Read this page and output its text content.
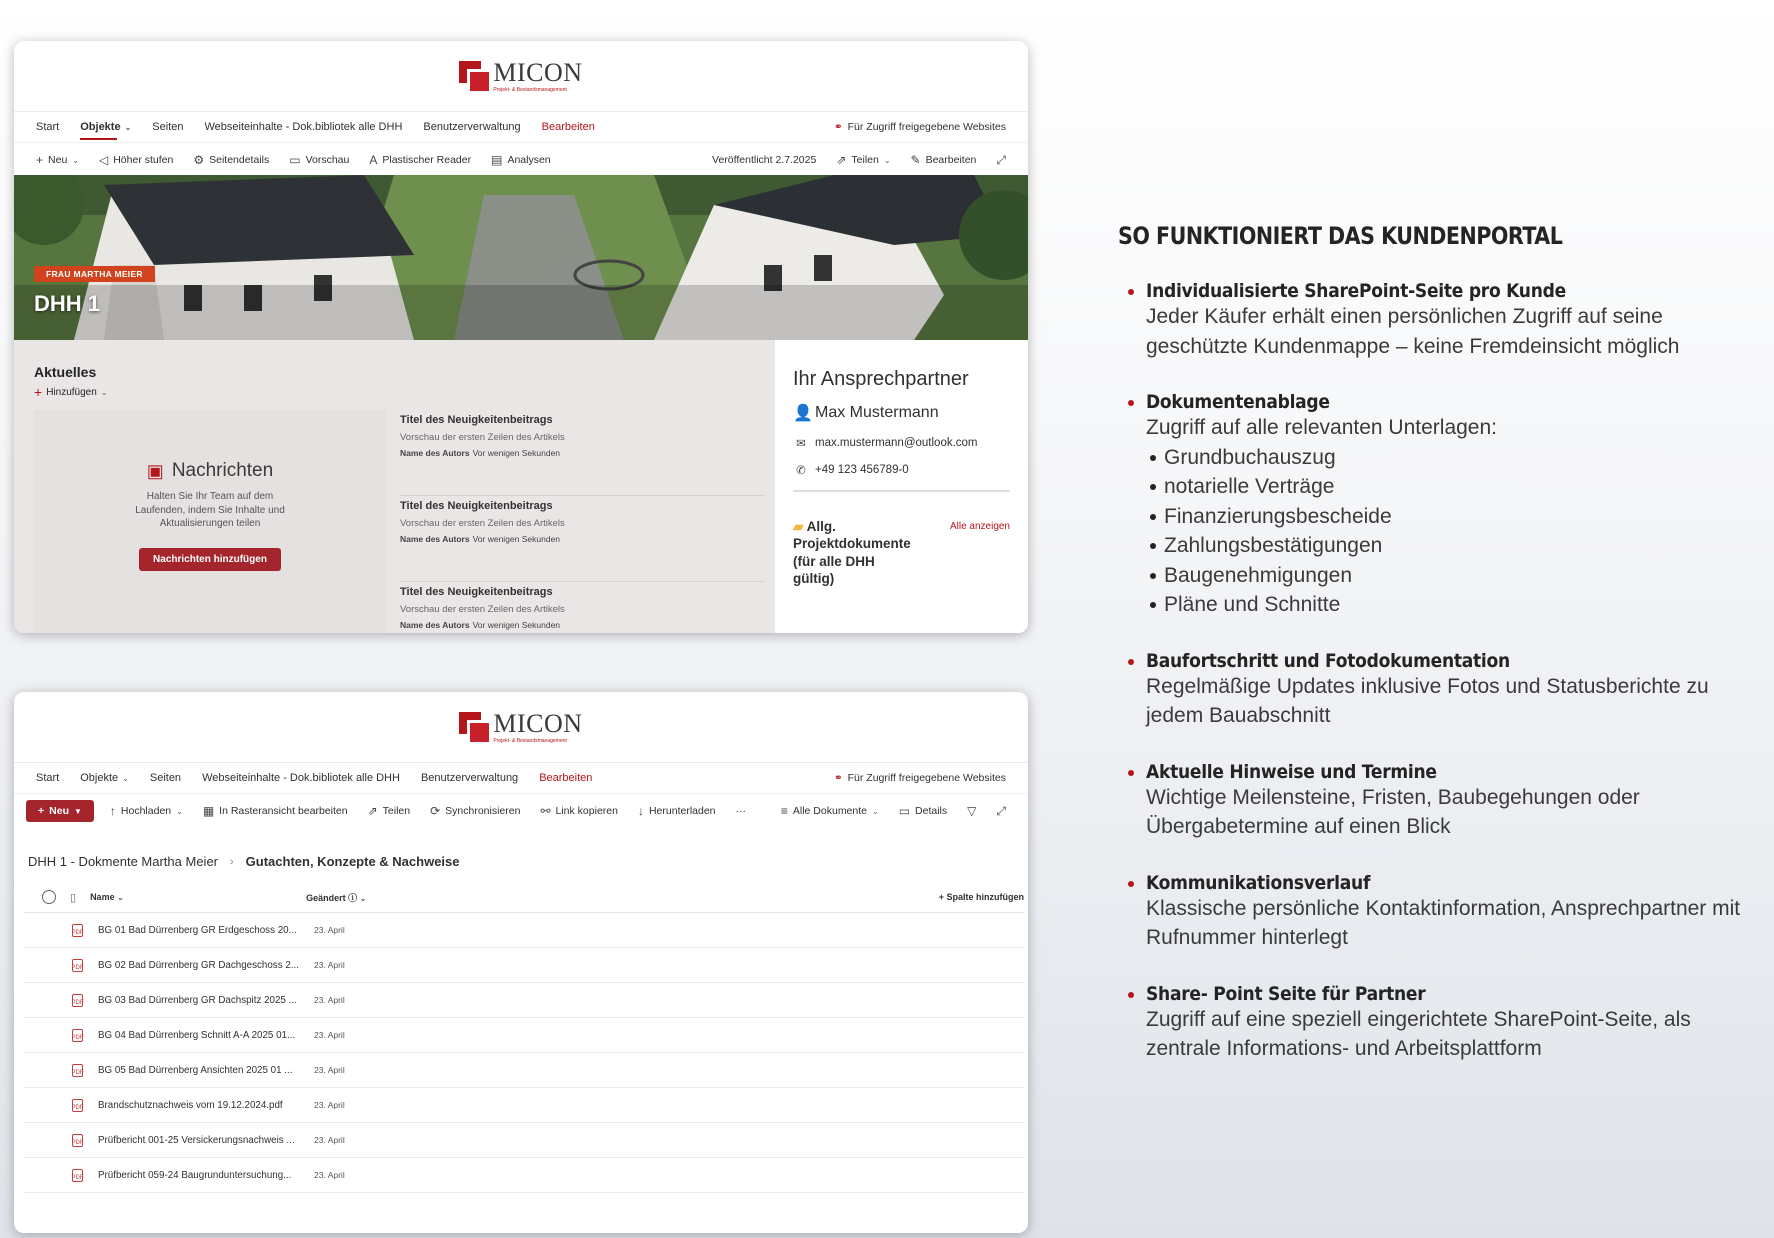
MICON
Projekt- & Bestandsmanagement
Start Objekte ⌄ Seiten Webseiteinhalte - Dok.bibliotek alle DHH Benutzerverwaltung Bearbeiten	⚭ Für Zugriff freigegebene Websites
+ Neu ⌄ ◁ Höher stufen ⚙ Seitendetails ▭ Vorschau A Plastischer Reader ▤ Analysen	Veröffentlicht 2.7.2025 ⇗ Teilen ⌄ ✎ Bearbeiten ⤢
FRAU MARTHA MEIER
DHH 1
Aktuelles
+ Hinzufügen ⌄
▣ Nachrichten
Halten Sie Ihr Team auf dem Laufenden, indem Sie Inhalte und Aktualisierungen teilen
Nachrichten hinzufügen
Titel des Neuigkeitenbeitrags
Vorschau der ersten Zeilen des Artikels
Name des Autors Vor wenigen Sekunden
Titel des Neuigkeitenbeitrags
Vorschau der ersten Zeilen des Artikels
Name des Autors Vor wenigen Sekunden
Titel des Neuigkeitenbeitrags
Vorschau der ersten Zeilen des Artikels
Name des Autors Vor wenigen Sekunden
Ihr Ansprechpartner
👤 Max Mustermann
✉ max.mustermann@outlook.com
✆ +49 123 456789-0
▰ Allg. Projektdokumente (für alle DHH gültig)
Alle anzeigen
MICON
Projekt- & Bestandsmanagement
Start Objekte ⌄ Seiten Webseiteinhalte - Dok.bibliotek alle DHH Benutzerverwaltung Bearbeiten	⚭ Für Zugriff freigegebene Websites
+ Neu ▼ ↑ Hochladen ⌄ ▦ In Rasteransicht bearbeiten ⇗ Teilen ⟳ Synchronisieren ⚯ Link kopieren ↓ Herunterladen ···	≡ Alle Dokumente ⌄ ▭ Details ▽ ⤢
DHH 1 - Dokmente Martha Meier › Gutachten, Konzepte & Nachweise
▯ Name ⌄	Geändert ⓘ ⌄	+ Spalte hinzufügen
PDF BG 01 Bad Dürrenberg GR Erdgeschoss 20...	23. April
PDF BG 02 Bad Dürrenberg GR Dachgeschoss 2...	23. April
PDF BG 03 Bad Dürrenberg GR Dachspitz 2025 ...	23. April
PDF BG 04 Bad Dürrenberg Schnitt A-A 2025 01...	23. April
PDF BG 05 Bad Dürrenberg Ansichten 2025 01 ...	23. April
PDF Brandschutznachweis vom 19.12.2024.pdf	23. April
PDF Prüfbericht 001-25 Versickerungsnachweis ...	23. April
PDF Prüfbericht 059-24 Baugrunduntersuchung...	23. April
SO FUNKTIONIERT DAS KUNDENPORTAL
Individualisierte SharePoint-Seite pro Kunde
Jeder Käufer erhält einen persönlichen Zugriff auf seine geschützte Kundenmappe – keine Fremdeinsicht möglich
Dokumentenablage
Zugriff auf alle relevanten Unterlagen:
Grundbuchauszug
notarielle Verträge
Finanzierungsbescheide
Zahlungsbestätigungen
Baugenehmigungen
Pläne und Schnitte
Baufortschritt und Fotodokumentation
Regelmäßige Updates inklusive Fotos und Statusberichte zu jedem Bauabschnitt
Aktuelle Hinweise und Termine
Wichtige Meilensteine, Fristen, Baubegehungen oder Übergabetermine auf einen Blick
Kommunikationsverlauf
Klassische persönliche Kontaktinformation, Ansprechpartner mit Rufnummer hinterlegt
Share- Point Seite für Partner
Zugriff auf eine speziell eingerichtete SharePoint-Seite, als zentrale Informations- und Arbeitsplattform
